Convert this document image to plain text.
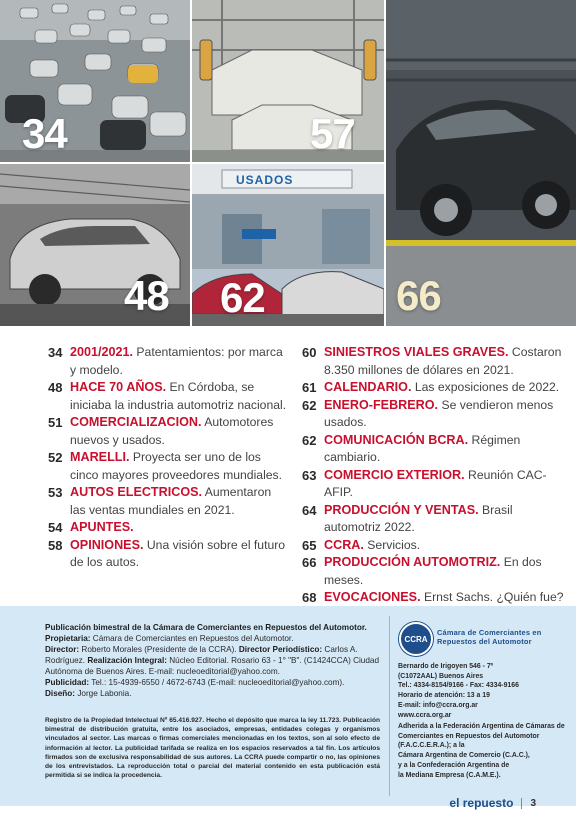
34	57
66
48
USADOS
62
34 2001/2021. Patentamientos: por marca y modelo.
48 HACE 70 AÑOS. En Córdoba, se iniciaba la industria automotriz nacional.
51 COMERCIALIZACION. Automotores nuevos y usados.
52 MARELLI. Proyecta ser uno de los cinco mayores proveedores mundiales.
53 AUTOS ELECTRICOS. Aumentaron las ventas mundiales en 2021.
54 APUNTES.
58 OPINIONES. Una visión sobre el futuro de los autos.
60 SINIESTROS VIALES GRAVES. Costaron 8.350 millones de dólares en 2021.
61 CALENDARIO. Las exposiciones de 2022.
62 ENERO-FEBRERO. Se vendieron menos usados.
62 COMUNICACIÓN BCRA. Régimen cambiario.
63 COMERCIO EXTERIOR. Reunión CAC-AFIP.
64 PRODUCCIÓN Y VENTAS. Brasil automotriz 2022.
65 CCRA. Servicios.
66 PRODUCCIÓN AUTOMOTRIZ. En dos meses.
68 EVOCACIONES. Ernst Sachs. ¿Quién fue?
Publicación bimestral de la Cámara de Comerciantes en Repuestos del Automotor.
Propietaria: Cámara de Comerciantes en Repuestos del Automotor.
Director: Roberto Morales (Presidente de la CCRA). Director Periodístico: Carlos A. Rodríguez. Realización Integral: Núcleo Editorial. Rosario 63 - 1° "B". (C1424CCA) Ciudad Autónoma de Buenos Aires. E-mail: nucleoeditorial@yahoo.com.
Publicidad: Tel.: 15-4939-6550 / 4672-6743 (E-mail: nucleoeditorial@yahoo.com).
Diseño: Jorge Labonia.
Registro de la Propiedad Intelectual Nº 65.416.927. Hecho el depósito que marca la ley 11.723. Publicación bimestral de distribución gratuita, entre los asociados, empresas, entidades colegas y organismos vinculados al sector. Las marcas o firmas comerciales mencionadas en los textos, son al solo efecto de información al lector. La publicidad tarifada se realiza en los espacios reservados a tal fin. Los artículos firmados son de exclusiva responsabilidad de sus autores. La CCRA puede compartir o no, las opiniones de los entrevistados. La reproducción total o parcial del material contenido en esta publicación está permitida si se indica la procedencia.
CCRA
Cámara de Comerciantes en
Repuestos del Automotor
Bernardo de Irigoyen 546 - 7º
(C1072AAL) Buenos Aires
Tel.: 4334-8154/9166 - Fax: 4334-9166
Horario de atención: 13 a 19
E-mail: info@ccra.org.ar
www.ccra.org.ar
Adherida a la Federación Argentina de Cámaras de Comerciantes en Repuestos del Automotor (F.A.C.C.E.R.A.); a la
Cámara Argentina de Comercio (C.A.C.),
y a la Confederación Argentina de
la Mediana Empresa (C.A.M.E.).
el repuesto 3
